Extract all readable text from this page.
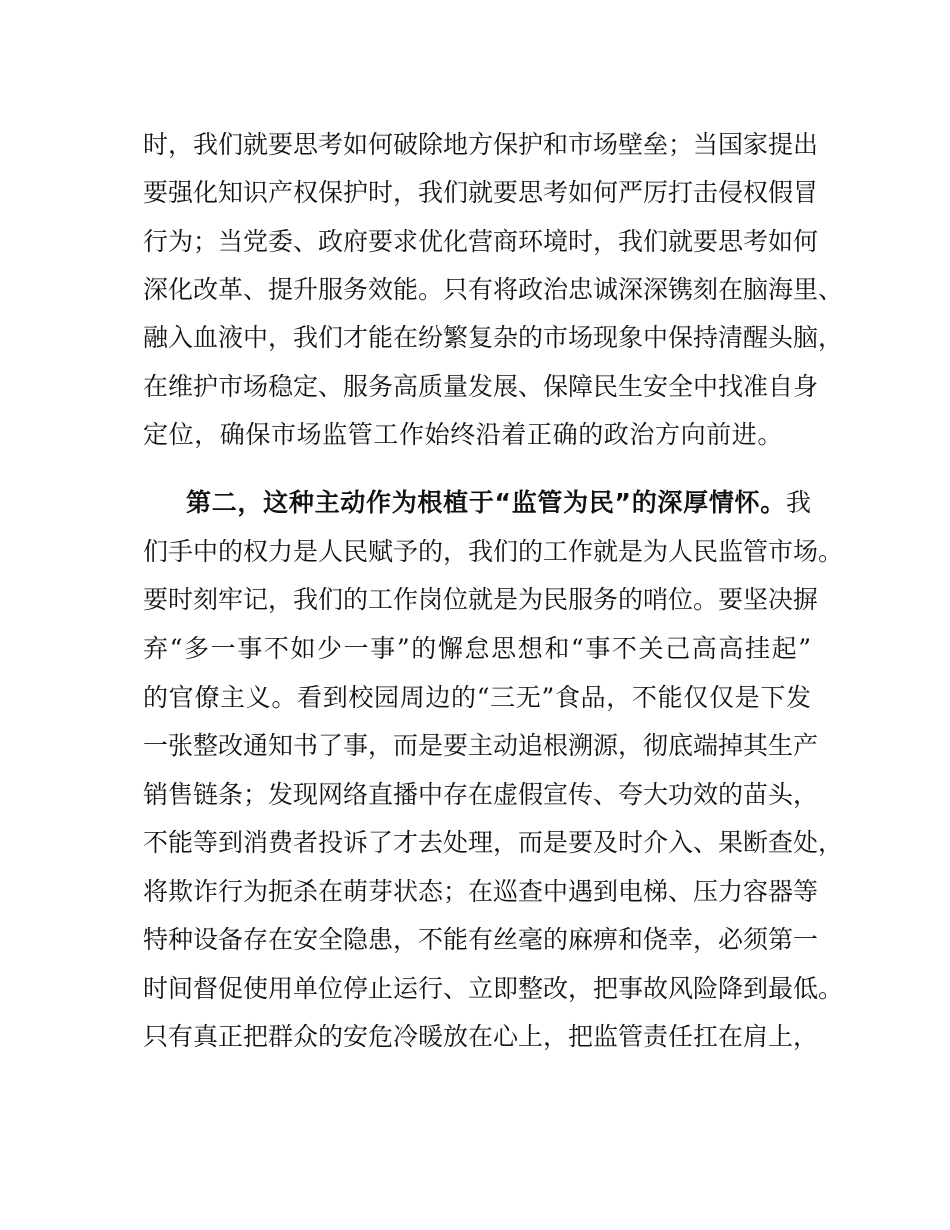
时，我们就要思考如何破除地方保护和市场壁垒；当国家提出
要强化知识产权保护时，我们就要思考如何严厉打击侵权假冒
行为；当党委、政府要求优化营商环境时，我们就要思考如何
深化改革、提升服务效能。只有将政治忠诚深深镌刻在脑海里、
融入血液中，我们才能在纷繁复杂的市场现象中保持清醒头脑，
在维护市场稳定、服务高质量发展、保障民生安全中找准自身
定位，确保市场监管工作始终沿着正确的政治方向前进。
第二，这种主动作为根植于“监管为民”的深厚情怀。我
们手中的权力是人民赋予的，我们的工作就是为人民监管市场。
要时刻牢记，我们的工作岗位就是为民服务的哨位。要坚决摒
弃“多一事不如少一事”的懈怠思想和“事不关己高高挂起”
的官僚主义。看到校园周边的“三无”食品，不能仅仅是下发
一张整改通知书了事，而是要主动追根溯源，彻底端掉其生产
销售链条；发现网络直播中存在虚假宣传、夸大功效的苗头，
不能等到消费者投诉了才去处理，而是要及时介入、果断查处，
将欺诈行为扼杀在萌芽状态；在巡查中遇到电梯、压力容器等
特种设备存在安全隐患，不能有丝毫的麻痹和侥幸，必须第一
时间督促使用单位停止运行、立即整改，把事故风险降到最低。
只有真正把群众的安危冷暖放在心上，把监管责任扛在肩上，
